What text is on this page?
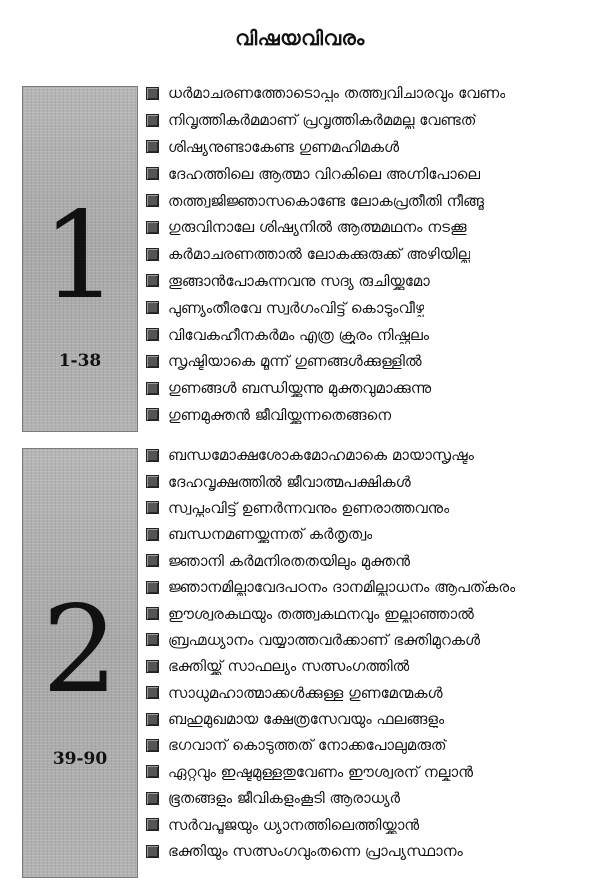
വിഷയവിവരം
1
1-38
ധർമാചരണത്തോടൊപ്പം തത്ത്വവിചാരവും വേണം
നിവൃത്തികർമമാണ് പ്രവൃത്തികർമമല്ല വേണ്ടത്
ശിഷ്യനുണ്ടാകേണ്ട ഗുണമഹിമകൾ
ദേഹത്തിലെ ആത്മാ വിറകിലെ അഗ്നിപോലെ
തത്ത്വജിജ്ഞാസകൊണ്ടേ ലോകപ്രതീതി നീങ്ങൂ
ഗുരുവിനാലേ ശിഷ്യനിൽ ആത്മമഥനം നടക്കൂ
കർമാചരണത്താൽ ലോകക്കുരുക്ക് അഴിയില്ല
തൂങ്ങാൻപോകുന്നവനു സദ്യ രുചിയ്ക്കുമോ
പുണ്യംതീരവേ സ്വർഗംവിട്ട് കൊടുംവീഴ്ച
വിവേകഹീനകർമം എത്ര ക്രൂരം നിഷ്ഫലം
സൃഷ്ടിയാകെ മൂന്ന് ഗുണങ്ങൾക്കുള്ളിൽ
ഗുണങ്ങൾ ബന്ധിയ്ക്കുന്നു മുക്തവുമാക്കുന്നു
ഗുണമുക്തൻ ജീവിയ്ക്കുന്നതെങ്ങനെ
2
39-90
ബന്ധമോക്ഷശോകമോഹമാകെ മായാസൃഷ്ടം
ദേഹവൃക്ഷത്തിൽ ജീവാത്മപക്ഷികൾ
സ്വപ്നംവിട്ട് ഉണർന്നവനും ഉണരാത്തവനും
ബന്ധനമണയ്ക്കുന്നത് കർതൃത്വം
ജ്ഞാനി കർമനിരതതയിലും മുക്തൻ
ജ്ഞാനമില്ലാവേദപഠനം ദാനമില്ലാധനം ആപത്കരം
ഈശ്വരകഥയും തത്ത്വകഥനവും ഇല്ലാഞ്ഞാൽ
ബ്രഹ്മധ്യാനം വയ്യാത്തവർക്കാണ് ഭക്തിമുറകൾ
ഭക്തിയ്ക്ക് സാഫല്യം സത്സംഗത്തിൽ
സാധുമഹാത്മാക്കൾക്കുള്ള ഗുണമേന്മകൾ
ബഹുമുഖമായ ക്ഷേത്രസേവയും ഫലങ്ങളും
ഭഗവാന് കൊടുത്തത് നോക്കപോലുമരുത്
ഏറ്റവും ഇഷ്ടമുള്ളതുവേണം ഈശ്വരന് നല്കാൻ
ഭൂതങ്ങളും ജീവികളുംകൂടി ആരാധ്യർ
സർവപൂജയും ധ്യാനത്തിലെത്തിയ്ക്കാൻ
ഭക്തിയും സത്സംഗവുംതന്നെ പ്രാപ്യസ്ഥാനം
